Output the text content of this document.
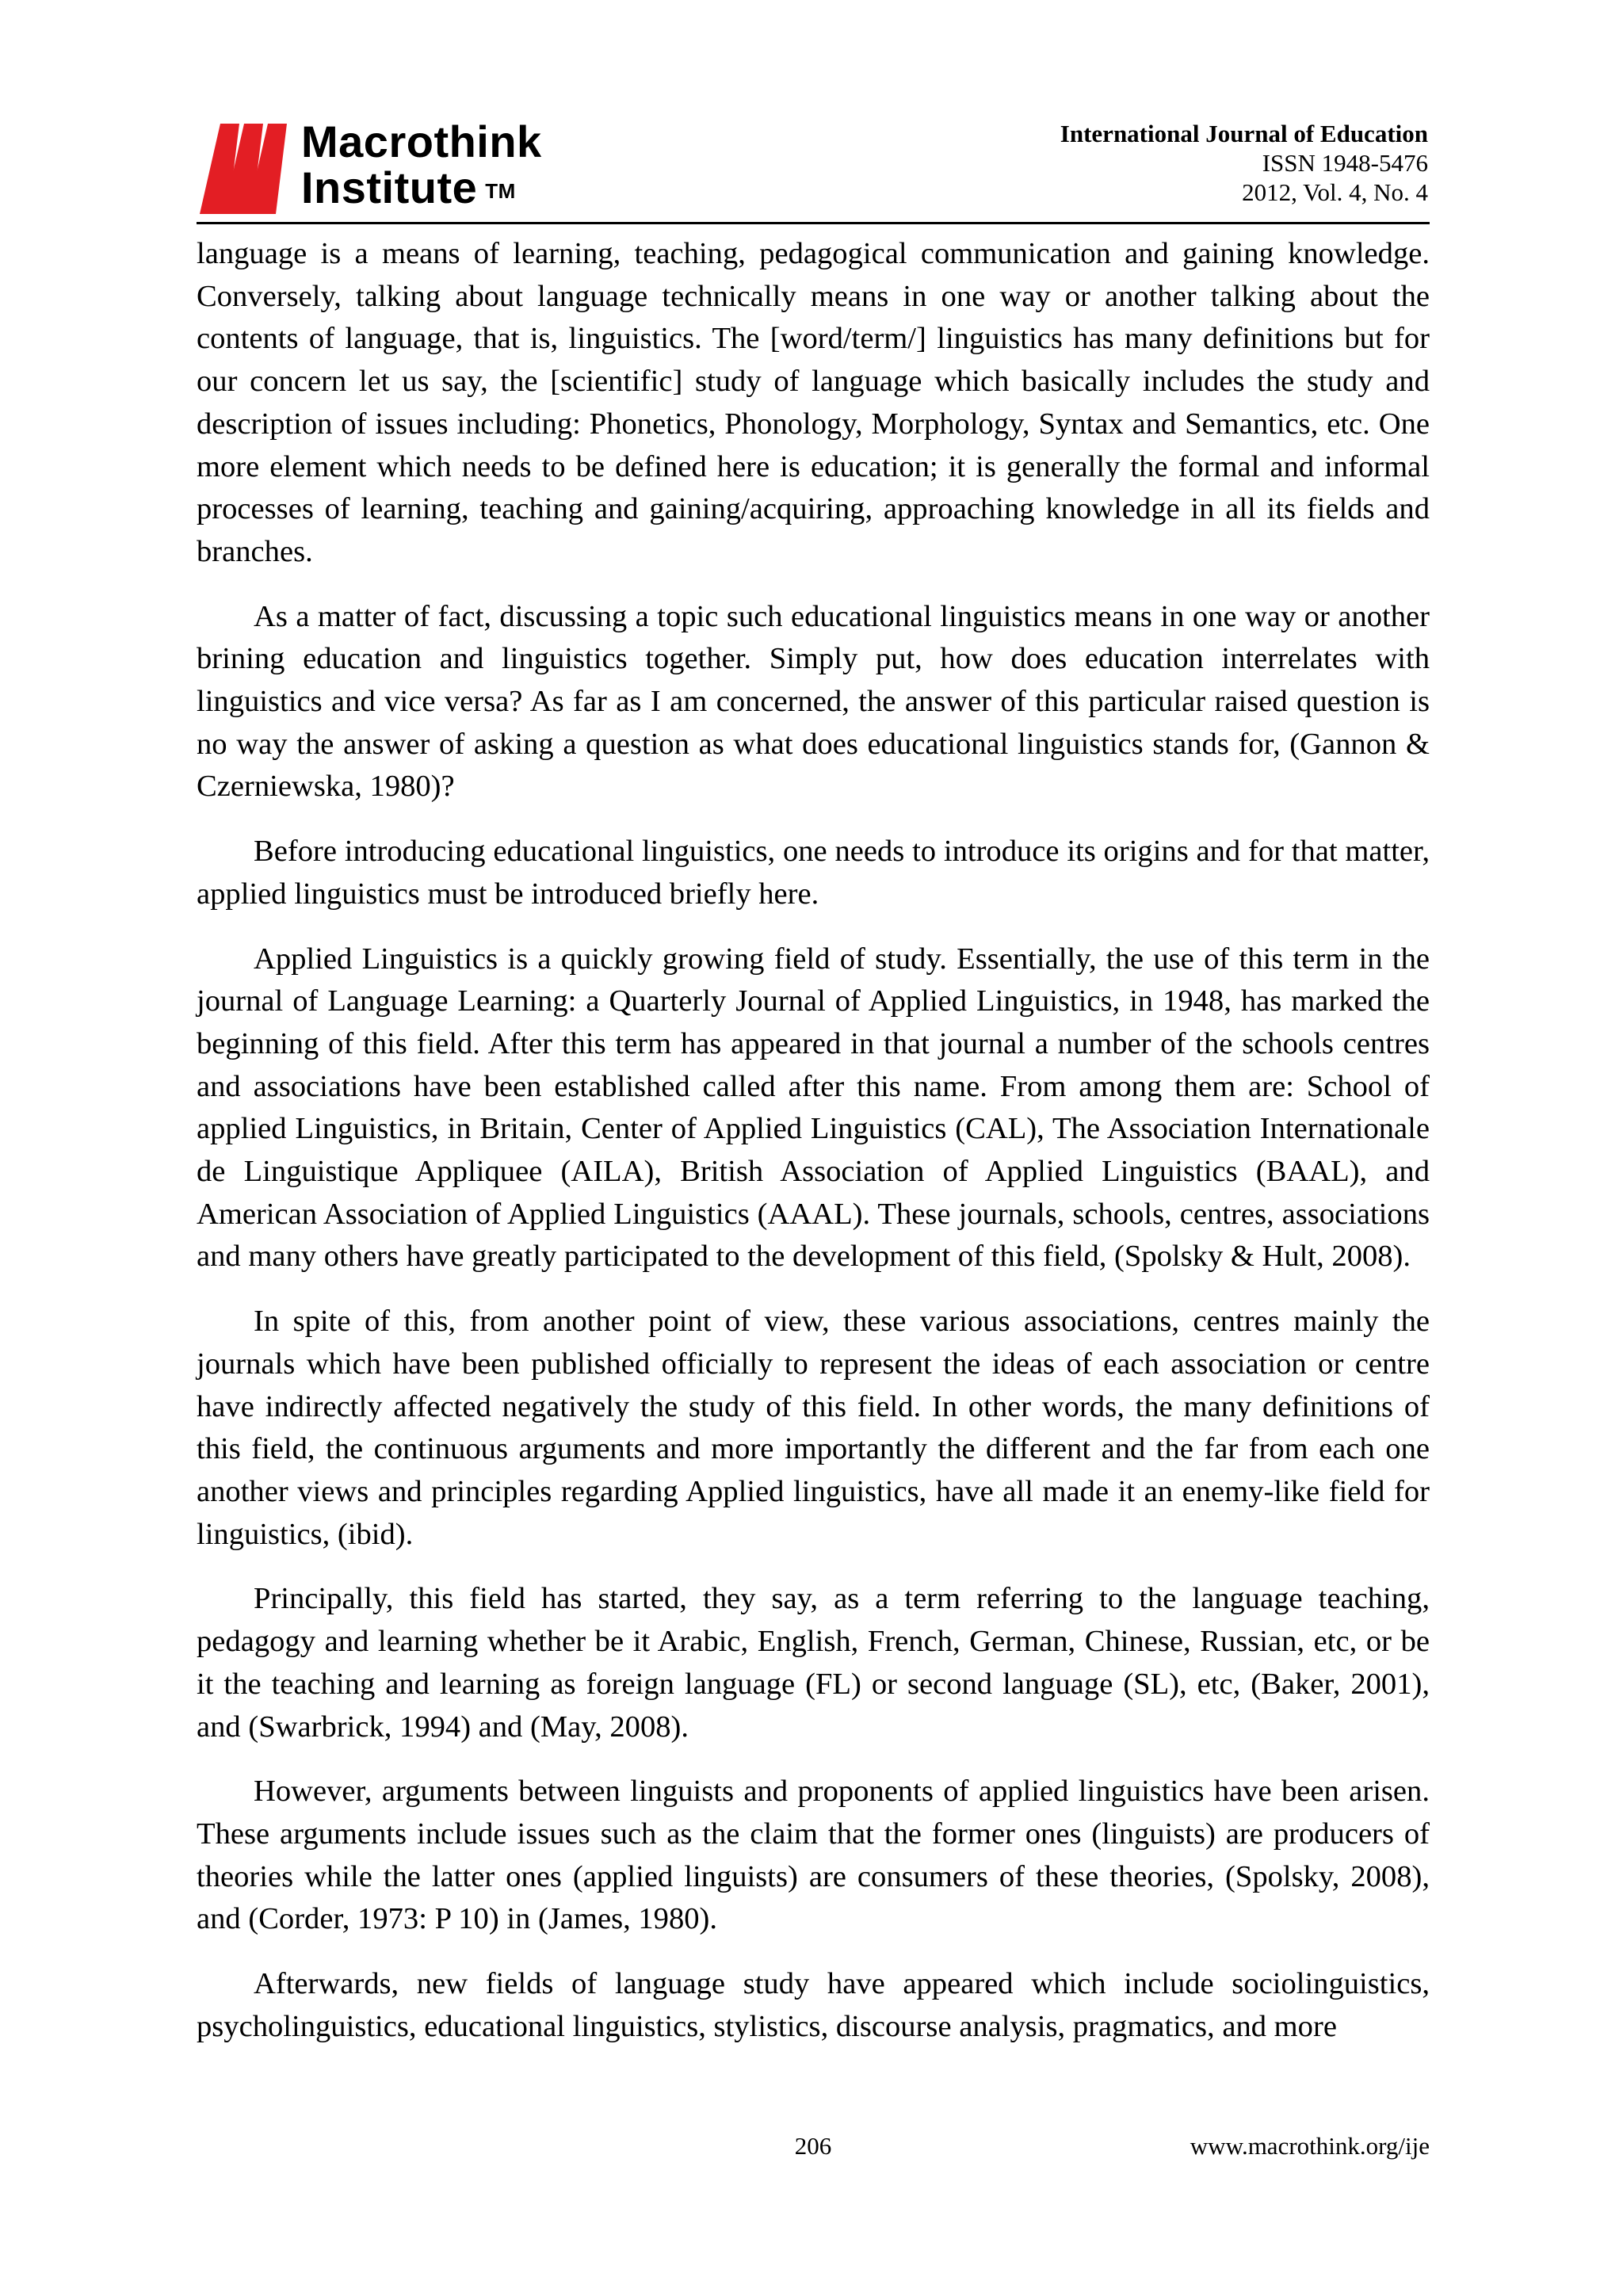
Macrothink
Institute ™
International Journal of Education
ISSN 1948-5476
2012, Vol. 4, No. 4

language is a means of learning, teaching, pedagogical communication and gaining knowledge. Conversely, talking about language technically means in one way or another talking about the contents of language, that is, linguistics. The [word/term/] linguistics has many definitions but for our concern let us say, the [scientific] study of language which basically includes the study and description of issues including: Phonetics, Phonology, Morphology, Syntax and Semantics, etc. One more element which needs to be defined here is education; it is generally the formal and informal processes of learning, teaching and gaining/acquiring, approaching knowledge in all its fields and branches.

As a matter of fact, discussing a topic such educational linguistics means in one way or another brining education and linguistics together. Simply put, how does education interrelates with linguistics and vice versa? As far as I am concerned, the answer of this particular raised question is no way the answer of asking a question as what does educational linguistics stands for, (Gannon & Czerniewska, 1980)?

Before introducing educational linguistics, one needs to introduce its origins and for that matter, applied linguistics must be introduced briefly here.

Applied Linguistics is a quickly growing field of study. Essentially, the use of this term in the journal of Language Learning: a Quarterly Journal of Applied Linguistics, in 1948, has marked the beginning of this field. After this term has appeared in that journal a number of the schools centres and associations have been established called after this name. From among them are: School of applied Linguistics, in Britain, Center of Applied Linguistics (CAL), The Association Internationale de Linguistique Appliquee (AILA), British Association of Applied Linguistics (BAAL), and American Association of Applied Linguistics (AAAL). These journals, schools, centres, associations and many others have greatly participated to the development of this field, (Spolsky & Hult, 2008).

In spite of this, from another point of view, these various associations, centres mainly the journals which have been published officially to represent the ideas of each association or centre have indirectly affected negatively the study of this field. In other words, the many definitions of this field, the continuous arguments and more importantly the different and the far from each one another views and principles regarding Applied linguistics, have all made it an enemy-like field for linguistics, (ibid).

Principally, this field has started, they say, as a term referring to the language teaching, pedagogy and learning whether be it Arabic, English, French, German, Chinese, Russian, etc, or be it the teaching and learning as foreign language (FL) or second language (SL), etc, (Baker, 2001), and (Swarbrick, 1994) and (May, 2008).

However, arguments between linguists and proponents of applied linguistics have been arisen. These arguments include issues such as the claim that the former ones (linguists) are producers of theories while the latter ones (applied linguists) are consumers of these theories, (Spolsky, 2008), and (Corder, 1973: P 10) in (James, 1980).

Afterwards, new fields of language study have appeared which include sociolinguistics, psycholinguistics, educational linguistics, stylistics, discourse analysis, pragmatics, and more

206	www.macrothink.org/ije
